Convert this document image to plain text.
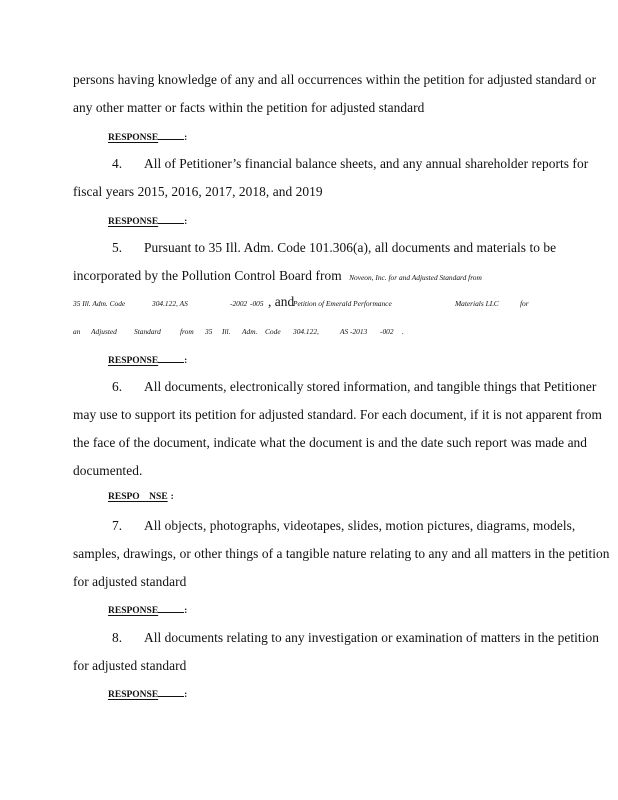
persons having knowledge of any and all occurrences within the petition for adjusted standard or
any other matter or facts within the petition for adjusted standard
RESPONSE	:
4. All of Petitioner’s financial balance sheets, and any annual shareholder reports for
fiscal years 2015, 2016, 2017, 2018, and 2019
RESPONSE	:
5. Pursuant to 35 Ill. Adm. Code 101.306(a), all documents and materials to be
incorporated by the Pollution Control Board from Noveon, Inc. for and Adjusted Standard from
35 Ill. Adm. Code	304.122, AS	-2002 -005 , and
Petition of Emerald Performance	Materials LLC	for
an Adjusted Standard	from 35 Ill. Adm. Code 304.122,	AS -2013 -002 .
RESPONSE	:
6. All documents, electronically stored information, and tangible things that Petitioner
may use to support its petition for adjusted standard. For each document, if it is not apparent from
the face of the document, indicate what the document is and the date such report was made and
documented.
RESPO    NSE :
7. All objects, photographs, videotapes, slides, motion pictures, diagrams, models,
samples, drawings, or other things of a tangible nature relating to any and all matters in the petition
for adjusted standard
RESPONSE	:
8. All documents relating to any investigation or examination of matters in the petition
for adjusted standard
RESPONSE	:
